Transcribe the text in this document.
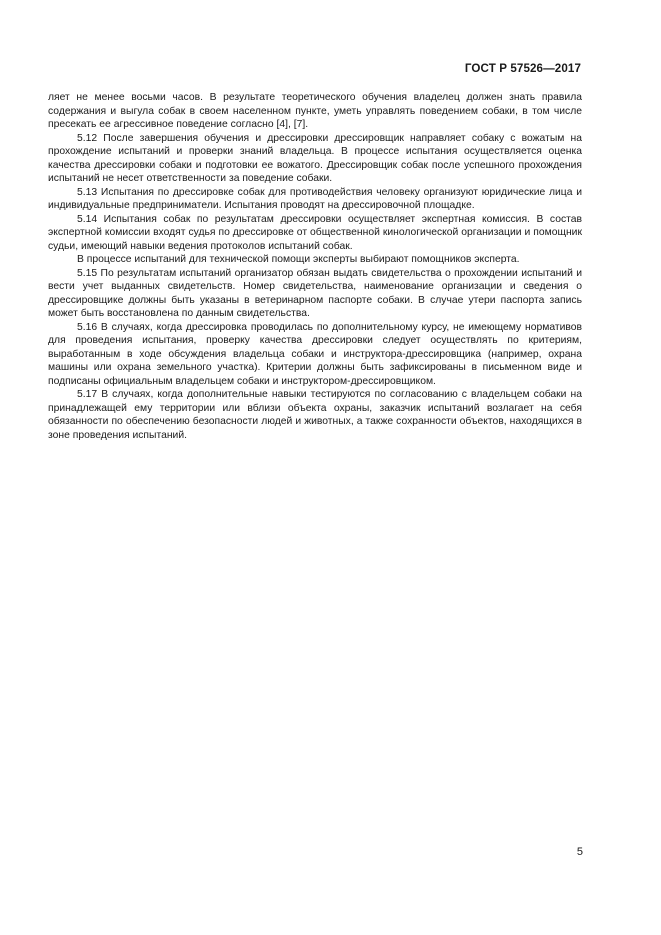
ГОСТ Р 57526—2017

ляет не менее восьми часов. В результате теоретического обучения владелец должен знать правила содержания и выгула собак в своем населенном пункте, уметь управлять поведением собаки, в том числе пресекать ее агрессивное поведение согласно [4], [7].

5.12 После завершения обучения и дрессировки дрессировщик направляет собаку с вожатым на прохождение испытаний и проверки знаний владельца. В процессе испытания осуществляется оценка качества дрессировки собаки и подготовки ее вожатого. Дрессировщик собак после успешного прохождения испытаний не несет ответственности за поведение собаки.

5.13 Испытания по дрессировке собак для противодействия человеку организуют юридические лица и индивидуальные предприниматели. Испытания проводят на дрессировочной площадке.

5.14 Испытания собак по результатам дрессировки осуществляет экспертная комиссия. В состав экспертной комиссии входят судья по дрессировке от общественной кинологической организации и помощник судьи, имеющий навыки ведения протоколов испытаний собак.

В процессе испытаний для технической помощи эксперты выбирают помощников эксперта.

5.15 По результатам испытаний организатор обязан выдать свидетельства о прохождении испытаний и вести учет выданных свидетельств. Номер свидетельства, наименование организации и сведения о дрессировщике должны быть указаны в ветеринарном паспорте собаки. В случае утери паспорта запись может быть восстановлена по данным свидетельства.

5.16 В случаях, когда дрессировка проводилась по дополнительному курсу, не имеющему нормативов для проведения испытания, проверку качества дрессировки следует осуществлять по критериям, выработанным в ходе обсуждения владельца собаки и инструктора-дрессировщика (например, охрана машины или охрана земельного участка). Критерии должны быть зафиксированы в письменном виде и подписаны официальным владельцем собаки и инструктором-дрессировщиком.

5.17 В случаях, когда дополнительные навыки тестируются по согласованию с владельцем собаки на принадлежащей ему территории или вблизи объекта охраны, заказчик испытаний возлагает на себя обязанности по обеспечению безопасности людей и животных, а также сохранности объектов, находящихся в зоне проведения испытаний.

5
